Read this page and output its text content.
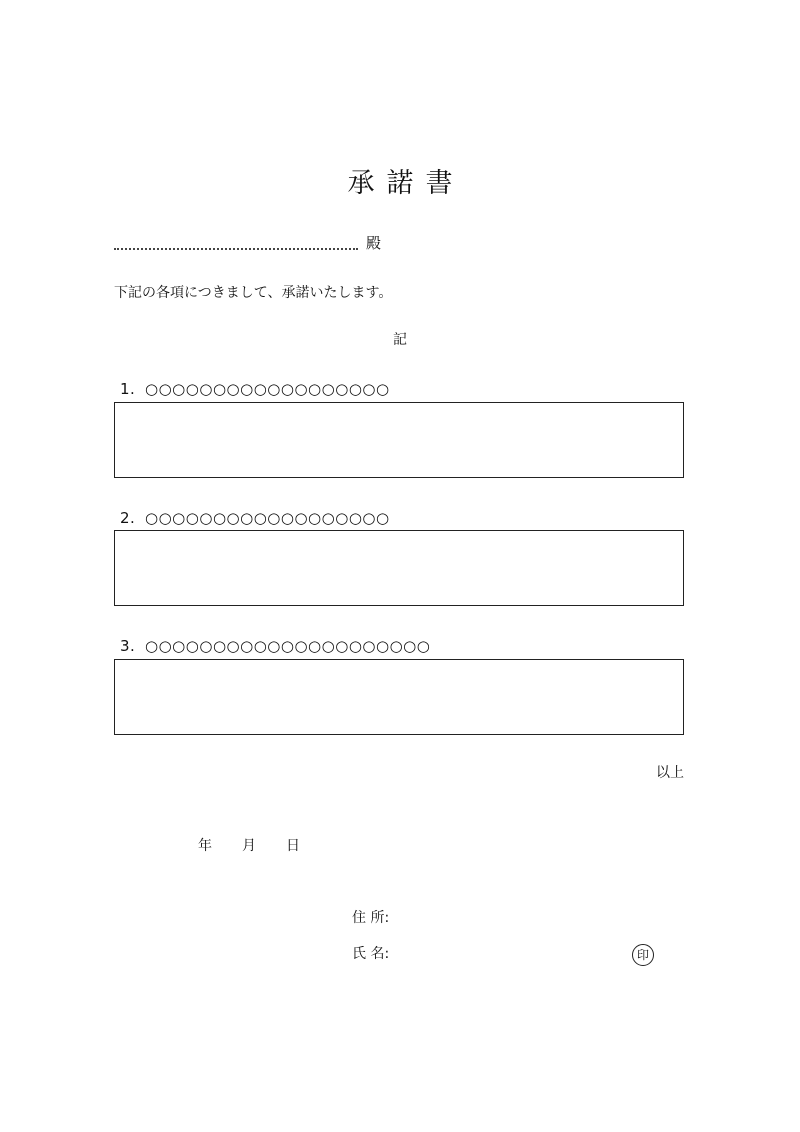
承諾書
殿
下記の各項につきまして、承諾いたします。
記
1. ○○○○○○○○○○○○○○○○○○
2. ○○○○○○○○○○○○○○○○○○
3. ○○○○○○○○○○○○○○○○○○○○○
以上
年 月 日
住 所:
氏 名:	印
